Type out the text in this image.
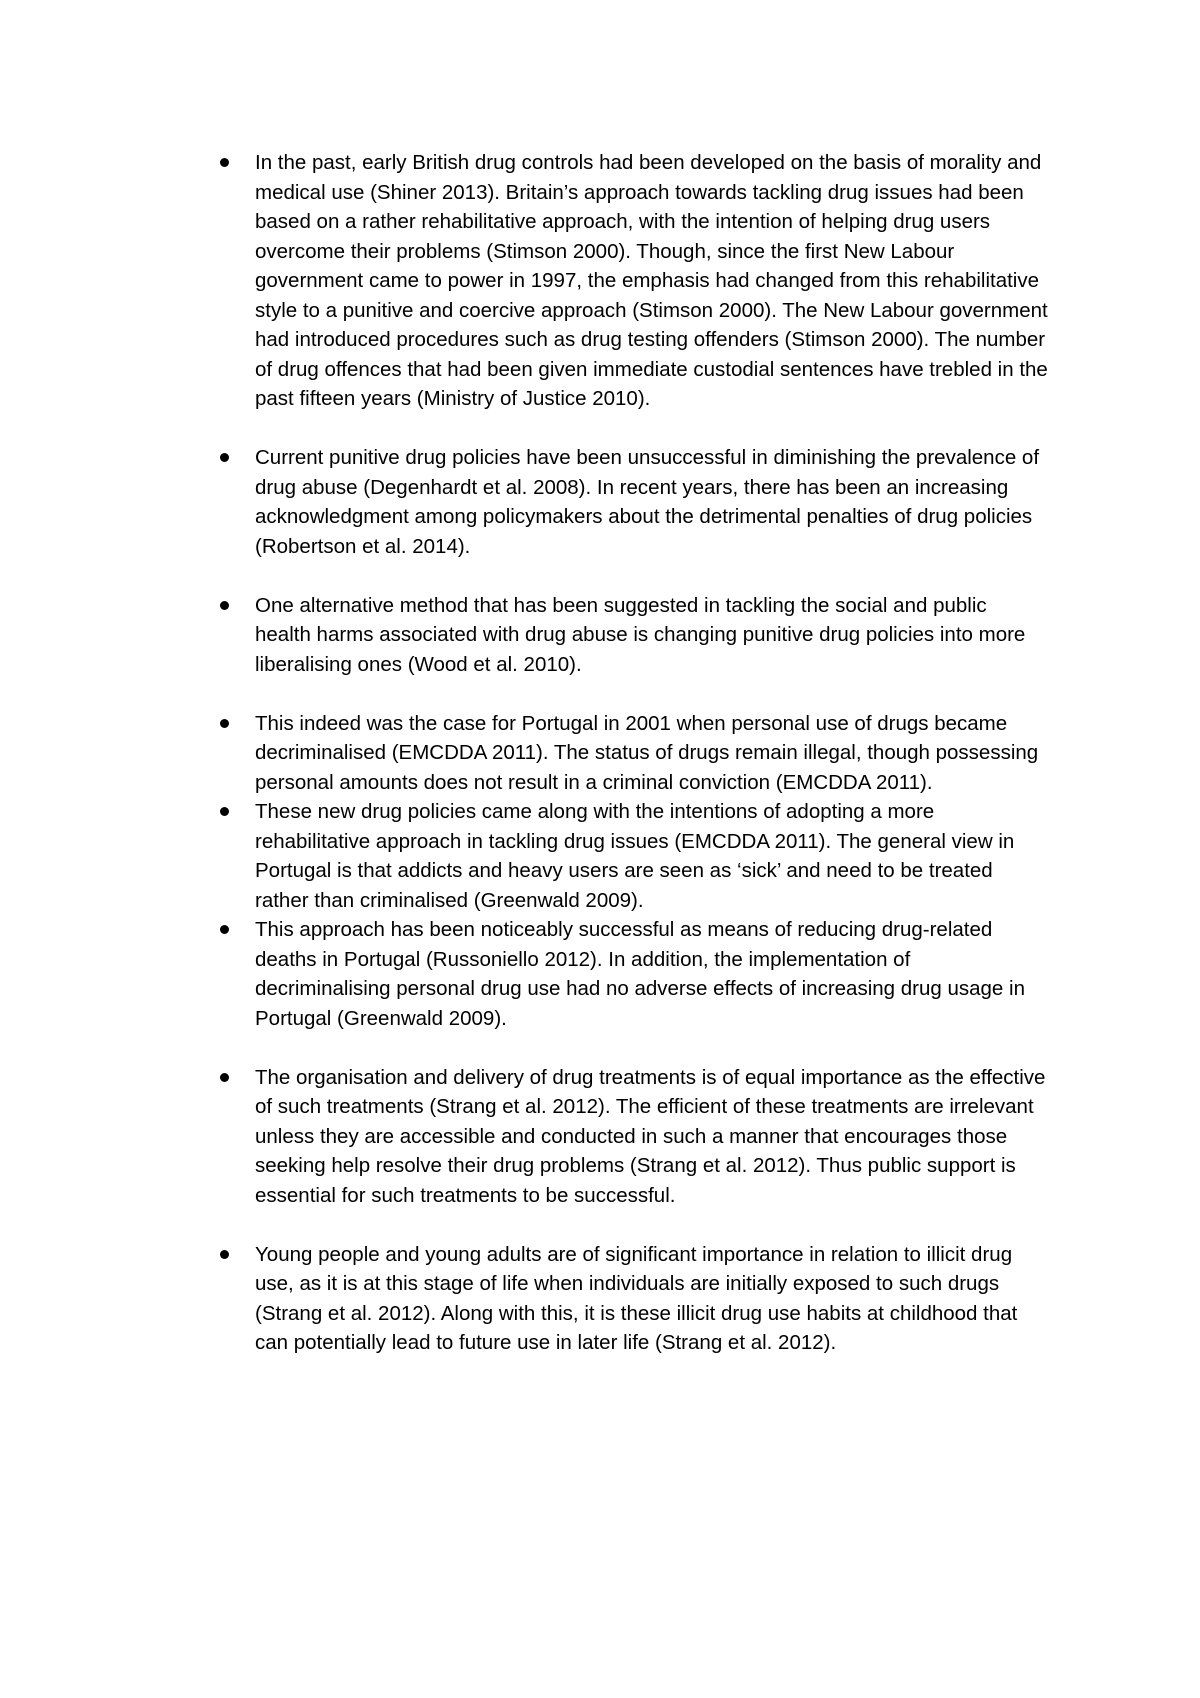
In the past, early British drug controls had been developed on the basis of morality and medical use (Shiner 2013). Britain’s approach towards tackling drug issues had been based on a rather rehabilitative approach, with the intention of helping drug users overcome their problems (Stimson 2000). Though, since the first New Labour government came to power in 1997, the emphasis had changed from this rehabilitative style to a punitive and coercive approach (Stimson 2000). The New Labour government had introduced procedures such as drug testing offenders (Stimson 2000). The number of drug offences that had been given immediate custodial sentences have trebled in the past fifteen years (Ministry of Justice 2010).
Current punitive drug policies have been unsuccessful in diminishing the prevalence of drug abuse (Degenhardt et al. 2008). In recent years, there has been an increasing acknowledgment among policymakers about the detrimental penalties of drug policies (Robertson et al. 2014).
One alternative method that has been suggested in tackling the social and public health harms associated with drug abuse is changing punitive drug policies into more liberalising ones (Wood et al. 2010).
This indeed was the case for Portugal in 2001 when personal use of drugs became decriminalised (EMCDDA 2011). The status of drugs remain illegal, though possessing personal amounts does not result in a criminal conviction (EMCDDA 2011).
These new drug policies came along with the intentions of adopting a more rehabilitative approach in tackling drug issues (EMCDDA 2011). The general view in Portugal is that addicts and heavy users are seen as ‘sick’ and need to be treated rather than criminalised (Greenwald 2009).
This approach has been noticeably successful as means of reducing drug-related deaths in Portugal (Russoniello 2012). In addition, the implementation of decriminalising personal drug use had no adverse effects of increasing drug usage in Portugal (Greenwald 2009).
The organisation and delivery of drug treatments is of equal importance as the effective of such treatments (Strang et al. 2012). The efficient of these treatments are irrelevant unless they are accessible and conducted in such a manner that encourages those seeking help resolve their drug problems (Strang et al. 2012). Thus public support is essential for such treatments to be successful.
Young people and young adults are of significant importance in relation to illicit drug use, as it is at this stage of life when individuals are initially exposed to such drugs (Strang et al. 2012). Along with this, it is these illicit drug use habits at childhood that can potentially lead to future use in later life (Strang et al. 2012).
